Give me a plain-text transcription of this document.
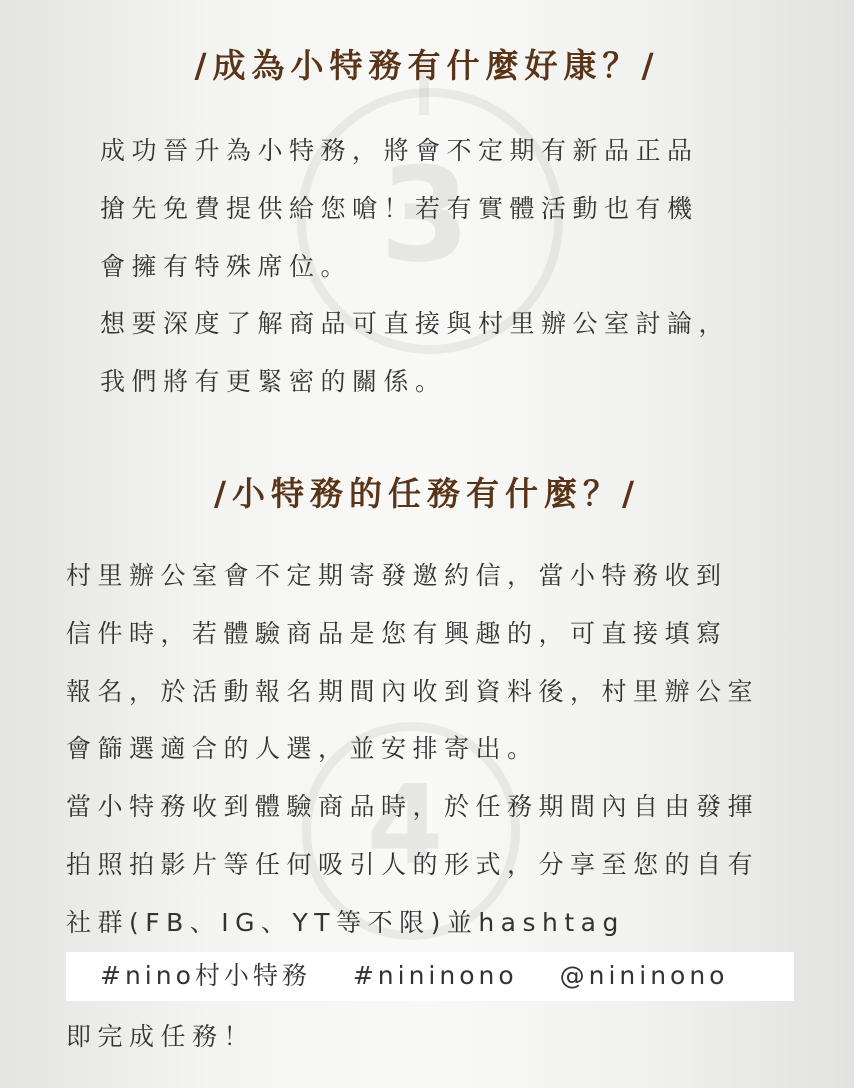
3
4
/成為小特務有什麼好康？/

成功晉升為小特務，將會不定期有新品正品

搶先免費提供給您嗆！若有實體活動也有機

會擁有特殊席位。

想要深度了解商品可直接與村里辦公室討論，

我們將有更緊密的關係。

/小特務的任務有什麼？/

村里辦公室會不定期寄發邀約信，當小特務收到

信件時，若體驗商品是您有興趣的，可直接填寫

報名，於活動報名期間內收到資料後，村里辦公室

會篩選適合的人選，並安排寄出。

當小特務收到體驗商品時，於任務期間內自由發揮

拍照拍影片等任何吸引人的形式，分享至您的自有

社群(FB、IG、YT等不限)並hashtag

#nino村小特務 #nininono @nininono

即完成任務！
